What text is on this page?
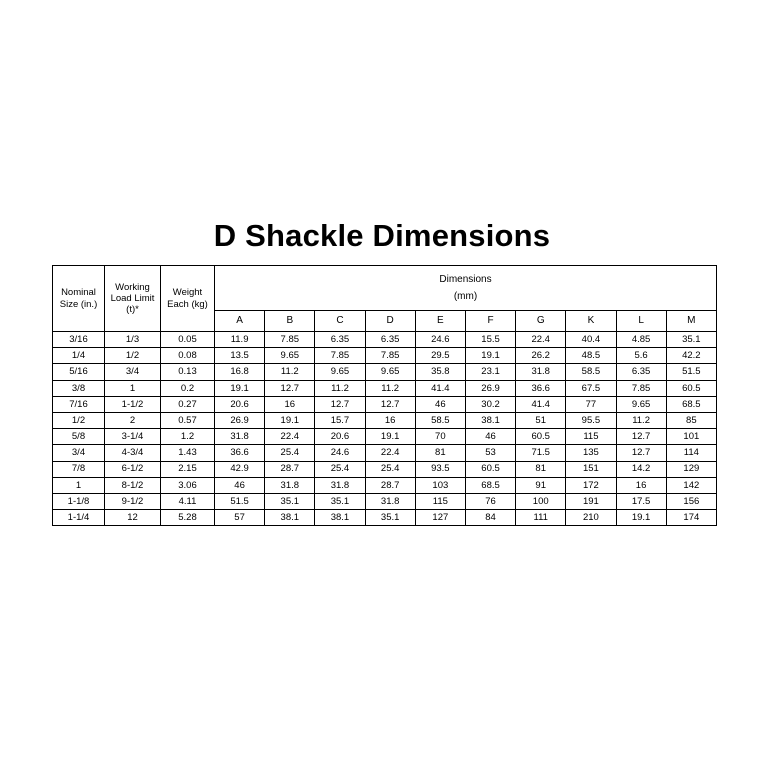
D Shackle Dimensions
Nominal
Size (in.)

Working
Load Limit
(t)*

Weight
Each (kg)

Dimensions
(mm)

			A	B	C	D	E	F	G	K	L	M
3/16	1/3	0.05	11.9	7.85	6.35	6.35	24.6	15.5	22.4	40.4	4.85	35.1
1/4	1/2	0.08	13.5	9.65	7.85	7.85	29.5	19.1	26.2	48.5	5.6	42.2
5/16	3/4	0.13	16.8	11.2	9.65	9.65	35.8	23.1	31.8	58.5	6.35	51.5
3/8	1	0.2	19.1	12.7	11.2	11.2	41.4	26.9	36.6	67.5	7.85	60.5
7/16	1-1/2	0.27	20.6	16	12.7	12.7	46	30.2	41.4	77	9.65	68.5
1/2	2	0.57	26.9	19.1	15.7	16	58.5	38.1	51	95.5	11.2	85
5/8	3-1/4	1.2	31.8	22.4	20.6	19.1	70	46	60.5	115	12.7	101
3/4	4-3/4	1.43	36.6	25.4	24.6	22.4	81	53	71.5	135	12.7	114
7/8	6-1/2	2.15	42.9	28.7	25.4	25.4	93.5	60.5	81	151	14.2	129
1	8-1/2	3.06	46	31.8	31.8	28.7	103	68.5	91	172	16	142
1-1/8	9-1/2	4.11	51.5	35.1	35.1	31.8	115	76	100	191	17.5	156
1-1/4	12	5.28	57	38.1	38.1	35.1	127	84	111	210	19.1	174
